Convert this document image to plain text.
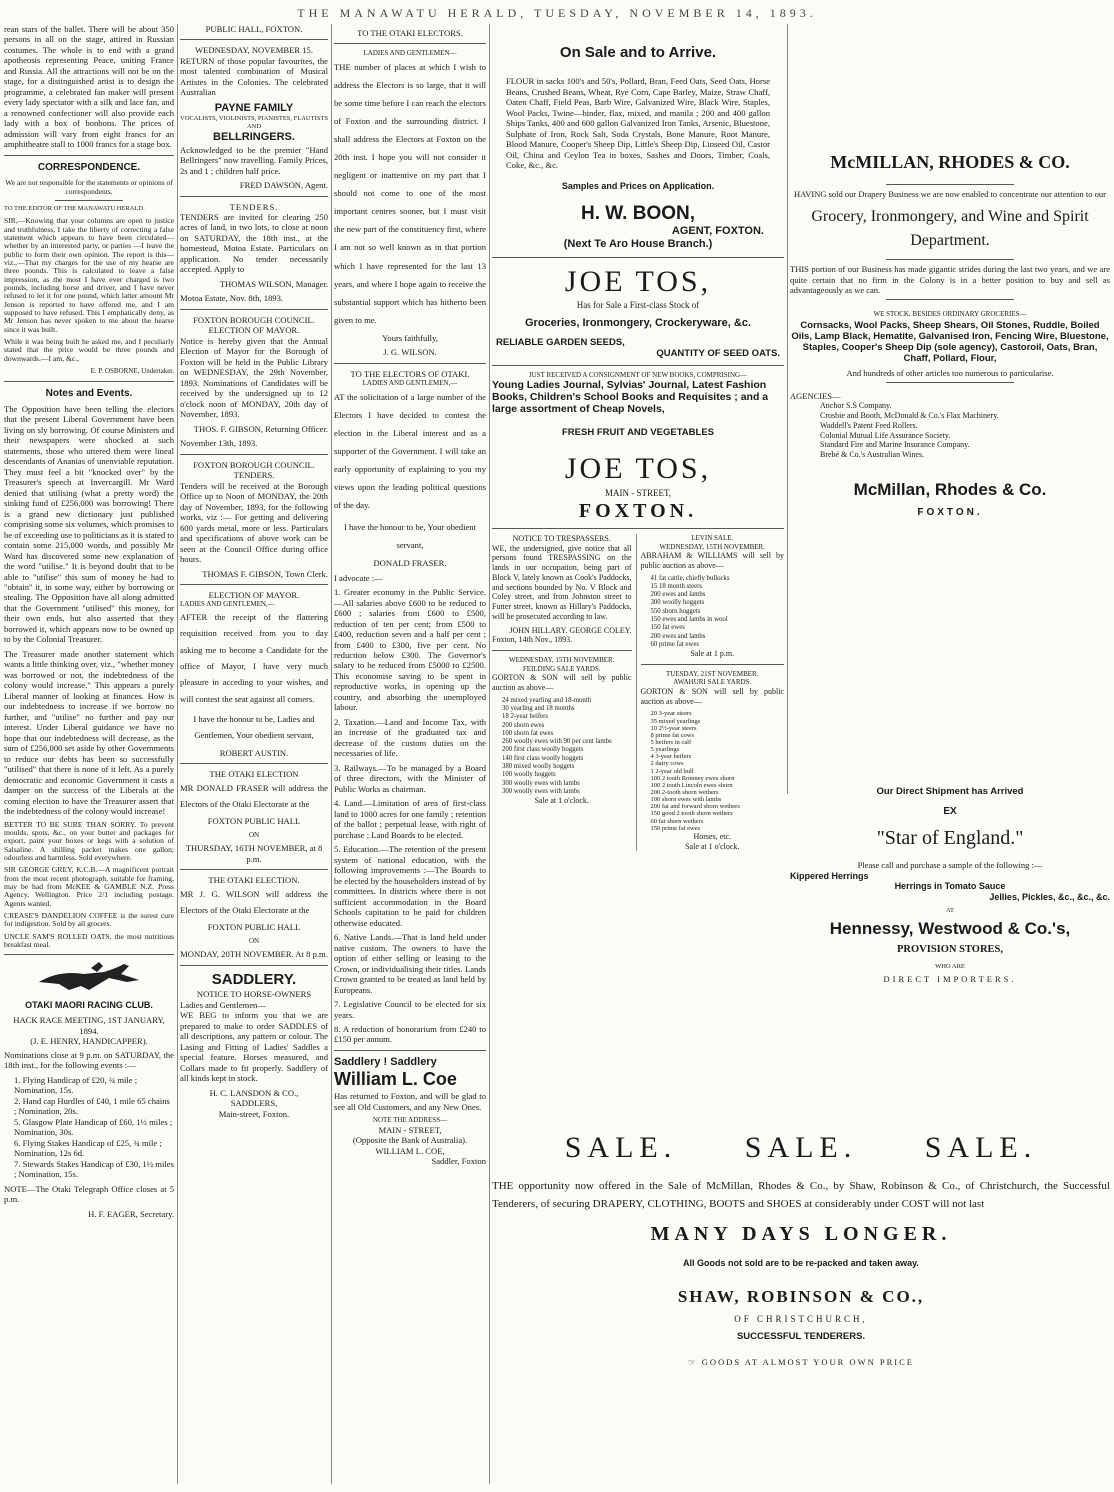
THE MANAWATU HERALD, TUESDAY, NOVEMBER 14, 1893.

rean stars of the ballet. There will be about 350 persons in all on the stage, attired in Russian costumes. The whole is to end with a grand apotheosis representing Peace, uniting France and Russia. All the attractions will not be on the stage, for a distinguished artist is to design the programme, a celebrated fan maker will present every lady spectator with a silk and lace fan, and a renowned confectioner will also provide each lady with a box of bonbons. The prices of admission will vary from eight francs for an amphitheatre stall to 1000 francs for a stage box.

CORRESPONDENCE.

We are not responsible for the statements or opinions of correspondents.

TO THE EDITOR OF THE MANAWATU HERALD.

SIR,—Knowing that your columns are open to justice and truthfulness, I take the liberty of correcting a false statement which appears to have been circulated—whether by an interested party, or parties —I leave the public to form their own opinion. The report is this—viz.,—That my charges for the use of my hearse are three pounds. This is calculated to leave a false impression, as the most I have ever charged is two pounds, including horse and driver, and I have never refused to let it for one pound, which latter amount Mr Jenson is reported to have offered me, and I am supposed to have refused. This I emphatically deny, as Mr Jenson has never spoken to me about the hearse since it was built.

While it was being built he asked me, and I peculiarly stated that the price would be three pounds and downwards.—I am, &c.,

E. P. OSBORNE, Undertaker.

Notes and Events.

The Opposition have been telling the electors that the present Liberal Government have been living on sly borrowing. Of course Ministers and their newspapers were shocked at such statements, those who uttered them were lineal descendants of Ananias of unenviable reputation. They must feel a bit "knocked over" by the Treasurer's speech at Invercargill. Mr Ward denied that utilising (what a pretty word) the sinking fund of £256,000 was borrowing! There is a grand new dictionary just published comprising some six volumes, which promises to be of exceeding use to politicians as it is stated to contain some 215,000 words, and possibly Mr Ward has discovered some new explanation of the word "utilise." It is beyond doubt that to be able to "utilise" this sum of money he had to "obtain" it, in some way, either by borrowing or stealing. The Opposition have all along admitted that the Government "utilised" this money, for their own ends, but also asserted that they borrowed it, which appears now to be owned up to by the Colonial Treasurer.

The Treasurer made another statement which wants a little thinking over, viz., "whether money was borrowed or not, the indebtedness of the colony would increase." This appears a purely Liberal manner of looking at finances. How is our indebtedness to increase if we borrow no further, and "utilise" no further and pay our interest. Under Liberal guidance we have no hope that our indebtedness will decrease, as the sum of £256,000 set aside by other Governments to reduce our debts has been so successfully "utilised" that there is none of it left. As a purely democratic and economic Government it casts a damper on the success of the Liberals at the coming election to have the Treasurer assert that the indebtedness of the colony would increase!

BETTER TO BE SURE THAN SORRY. To prevent moulds, spots, &c., on your butter and packages for export, paint your boxes or kegs with a solution of Salsaline. A shilling packet makes one gallon; odourless and harmless. Sold everywhere.

SIR GEORGE GREY, K.C.B.—A magnificent portrait from the most recent photograph, suitable for framing, may be had from McKEE & GAMBLE N.Z. Press Agency, Wellington. Price 2/1 including postage. Agents wanted.

CREASE'S DANDELION COFFEE is the surest cure for indigestion. Sold by all grocers.

UNCLE SAM'S ROLLED OATS, the most nutritious breakfast meal.

OTAKI MAORI RACING CLUB.
HACK RACE MEETING, 1ST JANUARY, 1894.
(J. E. HENRY, HANDICAPPER).

Nominations close at 9 p.m. on SATURDAY, the 18th inst., for the following events :—

1. Flying Handicap of £20, ¾ mile ; Nomination, 15s.
2. Hand cap Hurdles of £40, 1 mile 65 chains ; Nomination, 20s.
5. Glasgow Plate Handicap of £60, 1½ miles ; Nomination, 30s.
6. Flying Stakes Handicap of £25, ¾ mile ; Nomination, 12s 6d.
7. Stewards Stakes Handicap of £30, 1½ miles ; Nomination, 15s.

NOTE—The Otaki Telegraph Office closes at 5 p.m.

H. F. EAGER, Secretary.

PUBLIC HALL, FOXTON.
WEDNESDAY, NOVEMBER 15.

RETURN of those popular favourites, the most talented combination of Musical Artistes in the Colonies. The celebrated Australian

PAYNE FAMILY
VOCALISTS, VIOLINISTS, PIANISTES, FLAUTISTS AND
BELLRINGERS.

Acknowledged to be the premier "Hand Bellringers" now travelling. Family Prices, 2s and 1 ; children half price.

FRED DAWSON, Agent.

TENDERS.

TENDERS are invited for clearing 250 acres of land, in two lots, to close at noon on SATURDAY, the 18th inst., at the homestead, Motoa Estate. Particulars on application. No tender necessarily accepted. Apply to

THOMAS WILSON, Manager.

Motoa Estate, Nov. 8th, 1893.

FOXTON BOROUGH COUNCIL.
ELECTION OF MAYOR.

Notice is hereby given that the Annual Election of Mayor for the Borough of Foxton will be held in the Public Library on WEDNESDAY, the 29th November, 1893. Nominations of Candidates will be received by the undersigned up to 12 o'clock noon of MONDAY, 20th day of November, 1893.

THOS. F. GIBSON, Returning Officer.

November 13th, 1893.

FOXTON BOROUGH COUNCIL.
TENDERS.

Tenders will be received at the Borough Office up to Noon of MONDAY, the 20th day of November, 1893, for the following works, viz :— For getting and delivering 600 yards metal, more or less. Particulars and specifications of above work can be seen at the Council Office during office hours.

THOMAS F. GIBSON, Town Clerk.

ELECTION OF MAYOR.
LADIES AND GENTLEMEN,—

AFTER the receipt of the flattering requisition received from you to day asking me to become a Candidate for the office of Mayor, I have very much pleasure in acceding to your wishes, and will contest the seat against all comers.

I have the honour to be, Ladies and Gentlemen, Your obedient servant,

ROBERT AUSTIN.

THE OTAKI ELECTION

MR DONALD FRASER will address the Electors of the Otaki Electorate at the

FOXTON PUBLIC HALL
ON
THURSDAY, 16TH NOVEMBER, at 8 p.m.
THE OTAKI ELECTION.

MR J. G. WILSON will address the Electors of the Otaki Electorate at the

FOXTON PUBLIC HALL
ON
MONDAY, 20TH NOVEMBER. At 8 p.m.
SADDLERY.
NOTICE TO HORSE-OWNERS
Ladies and Gentlemen—

WE BEG to inform you that we are prepared to make to order SADDLES of all descriptions, any pattern or colour. The Lasing and Fitting of Ladies' Saddles a special feature. Horses measured, and Collars made to fit properly. Saddlery of all kinds kept in stock.

H. C. LANSDON & CO.,
SADDLERS,
Main-street, Foxton.
TO THE OTAKI ELECTORS.
LADIES AND GENTLEMEN—

THE number of places at which I wish to address the Electors is so large, that it will be some time before I can reach the electors of Foxton and the surrounding district. I shall address the Electors at Foxton on the 20th inst. I hope you will not consider it negligent or inattentive on my part that I should not come to one of the most important centres sooner, but I must visit the new part of the constituency first, where I am not so well known as in that portion which I have represented for the last 13 years, and where I hope again to receive the substantial support which has hitherto been given to me.

Yours faithfully,

J. G. WILSON.

TO THE ELECTORS OF OTAKI.
LADIES AND GENTLEMEN,—

AT the solicitation of a large number of the Electors I have decided to contest the election in the Liberal interest and as a supporter of the Government. I will take an early opportunity of explaining to you my views upon the leading political questions of the day.

I have the honour to be, Your obedient servant,

DONALD FRASER.

I advocate :—

1. Greater economy in the Public Service.—All salaries above £600 to be reduced to £600 ; salaries from £600 to £500, reduction of ten per cent; from £500 to £400, reduction seven and a half per cent ; from £400 to £300, five per cent. No reduction below £300. The Governor's salary to be reduced from £5000 to £2500. This economise saving to be spent in reproductive works, in opening up the country, and absorbing the unemployed labour.

2. Taxation.—Land and Income Tax, with an increase of the graduated tax and decrease of the custom duties on the necessaries of life.

3. Railways.—To be managed by a Board of three directors, with the Minister of Public Works as chairman.

4. Land.—Limitation of area of first-class land to 1000 acres for one family ; retention of the ballot ; perpetual lease, with right of purchase ; Land Boards to be elected.

5. Education.—The retention of the present system of national education, with the following improvements :—The Boards to be elected by the householders instead of by committees. In districts where there is not sufficient accommodation in the Board Schools capitation to be paid for children otherwise educated.

6. Native Lands.—That is land held under native custom. The owners to have the option of either selling or leasing to the Crown, or individualising their titles. Lands Crown granted to be treated as land held by Europeans.

7. Legislative Council to be elected for six years.

8. A reduction of honorarium from £240 to £150 per annum.

Saddlery ! Saddlery
William L. Coe

Has returned to Foxton, and will be glad to see all Old Customers, and any New Ones.

NOTE THE ADDRESS—
MAIN - STREET,
(Opposite the Bank of Australia).
WILLIAM L. COE,
Saddler, Foxton
On Sale and to Arrive.

FLOUR in sacks 100's and 50's, Pollard, Bran, Feed Oats, Seed Oats, Horse Beans, Crushed Beans, Wheat, Rye Corn, Cape Barley, Maize, Straw Chaff, Oaten Chaff, Field Peas, Barb Wire, Galvanized Wire, Black Wire, Staples, Wool Packs, Twine—binder, flax, mixed, and manila ; 200 and 400 gallon Ships Tanks, 400 and 600 gallon Galvanized Iron Tanks, Arsenic, Bluestone, Sulphate of Iron, Rock Salt, Soda Crystals, Bone Manure, Root Manure, Blood Manure, Cooper's Sheep Dip, Little's Sheep Dip, Linseed Oil, Castor Oil, China and Ceylon Tea in boxes, Sashes and Doors, Timber, Coals, Coke, &c., &c.

Samples and Prices on Application.
H. W. BOON,
AGENT, FOXTON.
(Next Te Aro House Branch.)
JOE TOS,
Has for Sale a First-class Stock of
Groceries, Ironmongery, Crockeryware, &c.
RELIABLE GARDEN SEEDS,
QUANTITY OF SEED OATS.
JUST RECEIVED A CONSIGNMENT OF NEW BOOKS, COMPRISING—
Young Ladies Journal, Sylvias' Journal, Latest Fashion Books, Children's School Books and Requisites ; and a large assortment of Cheap Novels,
FRESH FRUIT AND VEGETABLES
JOE TOS,
MAIN - STREET,
FOXTON.
NOTICE TO TRESPASSERS.

WE, the undersigned, give notice that all persons found TRESPASSING on the lands in our occupation, being part of Block V, lately known as Cook's Paddocks, and sections bounded by No. V Block and Coley street, and from Johnston street to Futter street, known as Hillary's Paddocks, will be prosecuted according to law.

JOHN HILLARY. GEORGE COLEY.
Foxton, 14th Nov., 1893.
WEDNESDAY, 15TH NOVEMBER.
FEILDING SALE YARDS.

GORTON & SON will sell by public auction as above—

24 mixed yearling and 18-month
30 yearling and 18 months
18 2-year heifers
200 shorn ewes
100 shorn fat ewes
260 woolly ewes with 90 per cent lambs
200 first class woolly hoggets
140 first class woolly hoggets
380 mixed woolly hoggets
100 woolly hoggets
300 woolly ewes with lambs
300 woolly ewes with lambs
Sale at 1 o'clock.
LEVIN SALE.
WEDNESDAY, 15TH NOVEMBER.

ABRAHAM & WILLIAMS will sell by public auction as above—

41 fat cattle, chiefly bullocks
15 18 month steers
200 ewes and lambs
300 woolly hoggets
550 shorn hoggets
150 ewes and lambs in wool
150 fat ewes
200 ewes and lambs
60 prime fat ewes
Sale at 1 p.m.
TUESDAY, 21ST NOVEMBER.
AWAHURI SALE YARDS.

GORTON & SON will sell by public auction as above—

20 3-year steers
35 mixed yearlings
10 2½-year steers
8 prime fat cows
5 heifers in calf
5 yearlings
4 3-year heifers
2 dairy cows
1 2-year old bull
100 2 tooth Romney ewes shorn
100 2 tooth Lincoln ewes shorn
200 2-tooth shorn wethers
100 shorn ewes with lambs
200 fat and forward shorn wethers
150 good 2 tooth shorn wethers
60 fat shorn wethers
150 prime fat ewes
Horses, etc.
Sale at 1 o'clock.
McMILLAN, RHODES & CO.

HAVING sold our Drapery Business we are now enabled to concentrate our attention to our

Grocery, Ironmongery, and Wine and Spirit Department.

THIS portion of our Business has made gigantic strides during the last two years, and we are quite certain that no firm in the Colony is in a better position to buy and sell as advantageously as we can.

WE STOCK, BESIDES ORDINARY GROCERIES—
Cornsacks, Wool Packs, Sheep Shears, Oil Stones, Ruddle, Boiled Oils, Lamp Black, Hematite, Galvanised Iron, Fencing Wire, Bluestone, Staples, Cooper's Sheep Dip (sole agency), Castoroil, Oats, Bran, Chaff, Pollard, Flour,
And hundreds of other articles too numerous to particularise.
AGENCIES—
Anchor S.S Company.
Crosbie and Booth, McDonald & Co.'s Flax Machinery.
Waddell's Patent Feed Rollers.
Colonial Mutual Life Assurance Society.
Standard Fire and Marine Insurance Company.
Brebé & Co.'s Australian Wines.
McMillan, Rhodes & Co.
FOXTON.
Our Direct Shipment has Arrived
EX
"Star of England."
Please call and purchase a sample of the following :—
Kippered Herrings
Herrings in Tomato Sauce
Jellies, Pickles, &c., &c., &c.
AT
Hennessy, Westwood & Co.'s,
PROVISION STORES,
WHO ARE
DIRECT IMPORTERS.
SALE.     SALE.     SALE.

THE opportunity now offered in the Sale of McMillan, Rhodes & Co., by Shaw, Robinson & Co., of Christchurch, the Successful Tenderers, of securing DRAPERY, CLOTHING, BOOTS and SHOES at considerably under COST will not last

MANY DAYS LONGER.
All Goods not sold are to be re-packed and taken away.
SHAW, ROBINSON & CO.,
OF CHRISTCHURCH,
SUCCESSFUL TENDERERS.
☞ GOODS AT ALMOST YOUR OWN PRICE
